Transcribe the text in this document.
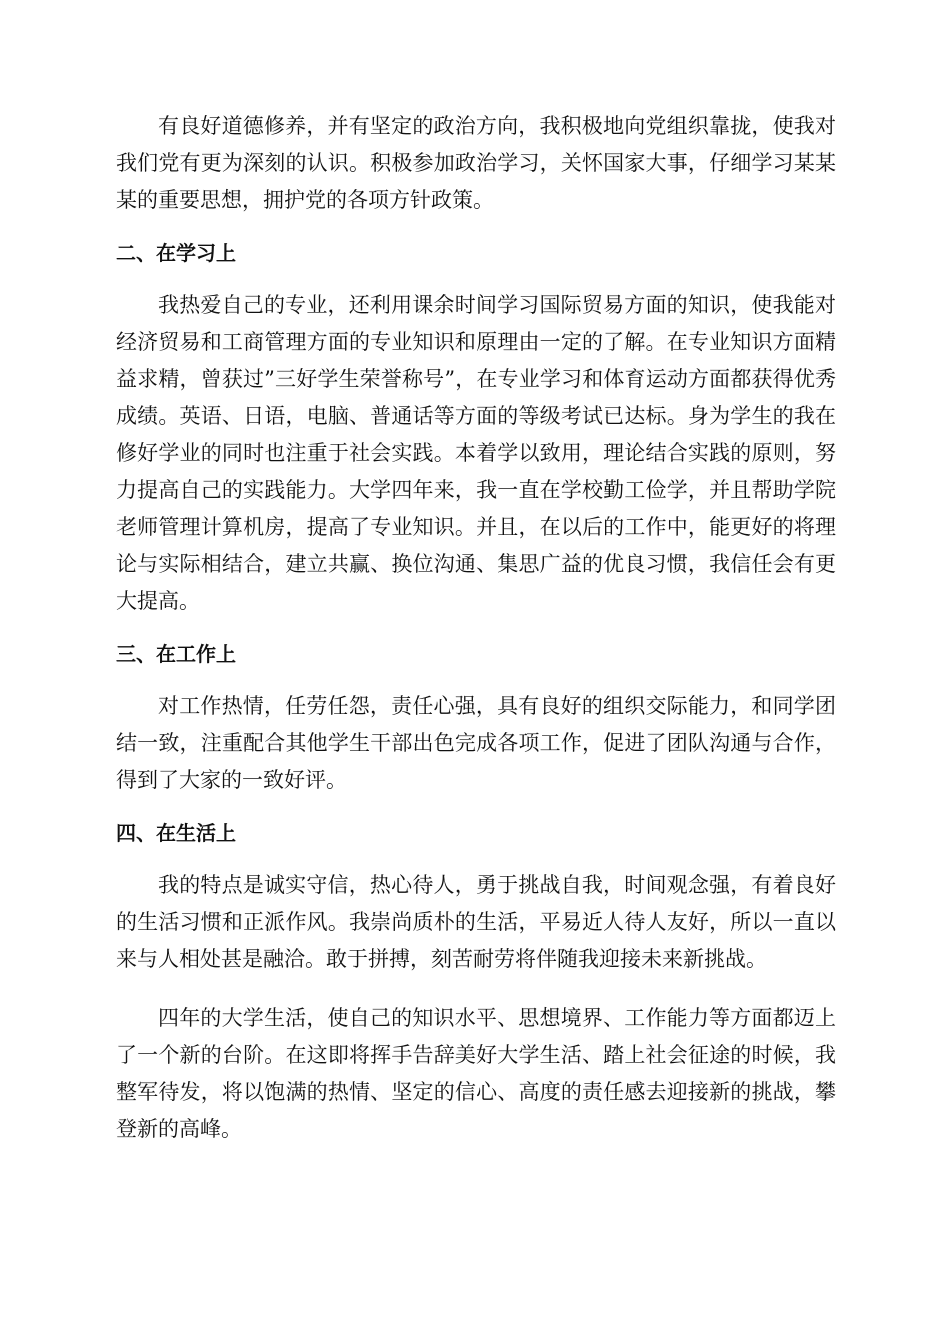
有良好道德修养，并有坚定的政治方向，我积极地向党组织靠拢，使我对我们党有更为深刻的认识。积极参加政治学习，关怀国家大事，仔细学习某某某的重要思想，拥护党的各项方针政策。

二、在学习上

我热爱自己的专业，还利用课余时间学习国际贸易方面的知识，使我能对经济贸易和工商管理方面的专业知识和原理由一定的了解。在专业知识方面精益求精，曾获过”三好学生荣誉称号”，在专业学习和体育运动方面都获得优秀成绩。英语、日语，电脑、普通话等方面的等级考试已达标。身为学生的我在修好学业的同时也注重于社会实践。本着学以致用，理论结合实践的原则，努力提高自己的实践能力。大学四年来，我一直在学校勤工俭学，并且帮助学院老师管理计算机房，提高了专业知识。并且，在以后的工作中，能更好的将理论与实际相结合，建立共赢、换位沟通、集思广益的优良习惯，我信任会有更大提高。

三、在工作上

对工作热情，任劳任怨，责任心强，具有良好的组织交际能力，和同学团结一致，注重配合其他学生干部出色完成各项工作，促进了团队沟通与合作，得到了大家的一致好评。

四、在生活上

我的特点是诚实守信，热心待人，勇于挑战自我，时间观念强，有着良好的生活习惯和正派作风。我崇尚质朴的生活，平易近人待人友好，所以一直以来与人相处甚是融洽。敢于拼搏，刻苦耐劳将伴随我迎接未来新挑战。

四年的大学生活，使自己的知识水平、思想境界、工作能力等方面都迈上了一个新的台阶。在这即将挥手告辞美好大学生活、踏上社会征途的时候，我整军待发，将以饱满的热情、坚定的信心、高度的责任感去迎接新的挑战，攀登新的高峰。
